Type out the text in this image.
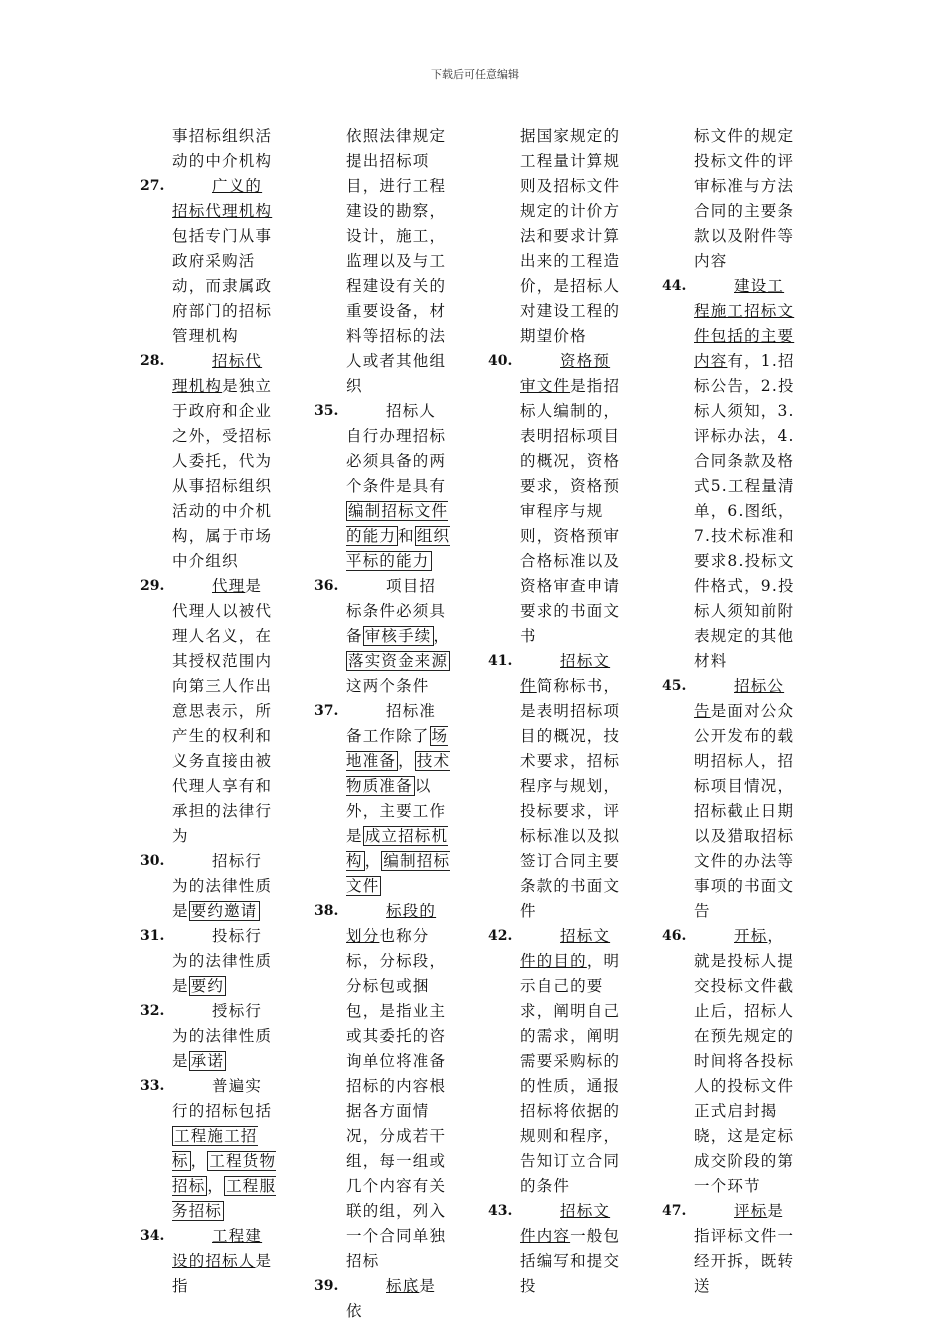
下载后可任意编辑

事招标组织活动的中介机构

27.	广义的招标代理机构包括专门从事政府采购活动，而隶属政府部门的招标管理机构

28.	招标代理机构是独立于政府和企业之外，受招标人委托，代为从事招标组织活动的中介机构，属于市场中介组织

29.	代理是代理人以被代理人名义，在其授权范围内向第三人作出意思表示，所产生的权利和义务直接由被代理人享有和承担的法律行为

30.	招标行为的法律性质是 要约邀请

31.	投标行为的法律性质是 要约

32.	授标行为的法律性质是 承诺

33.	普遍实行的招标包括工程施工招标 ， 工程货物招标 ， 工程服务招标

34.	工程建设的招标人是指

依照法律规定提出招标项目，进行工程建设的勘察，设计，施工，监理以及与工程建设有关的重要设备，材料等招标的法人或者其他组织

35.	招标人自行办理招标必须具备的两个条件是具有编制招标文件的能力 和 组织平标的能力

36.	项目招标条件必须具备 审核手续 ，落实资金来源这两个条件

37.	招标准备工作除了 场地准备 ， 技术物质准备 以外，主要工作是 成立招标机构 ， 编制招标文件

38.	标段的划分也称分标，分标段，分标包或捆包，是指业主或其委托的咨询单位将准备招标的内容根据各方面情况，分成若干组，每一组或几个内容有关联的组，列入一个合同单独招标

39.	标底是依

据国家规定的工程量计算规则及招标文件规定的计价方法和要求计算出来的工程造价，是招标人对建设工程的期望价格

40.	资格预审文件是指招标人编制的，表明招标项目的概况，资格要求，资格预审程序与规则，资格预审合格标准以及资格审查申请要求的书面文书

41.	招标文件简称标书，是表明招标项目的概况，技术要求，招标程序与规划，投标要求，评标标准以及拟签订合同主要条款的书面文件

42.	招标文件的目的，明示自己的要求，阐明自己的需求，阐明需要采购标的的性质，通报招标将依据的规则和程序，告知订立合同的条件

43.	招标文件内容一般包括编写和提交投

标文件的规定投标文件的评审标准与方法合同的主要条款以及附件等内容

44.	建设工程施工招标文件包括的主要内容有，1.招标公告，2.投标人须知，3.评标办法，4.合同条款及格式5.工程量清单，6.图纸，7.技术标准和要求8.投标文件格式，9.投标人须知前附表规定的其他材料

45.	招标公告是面对公众公开发布的载明招标人，招标项目情况，招标截止日期以及猎取招标文件的办法等事项的书面文告

46.	开标，就是投标人提交投标文件截止后，招标人在预先规定的时间将各投标人的投标文件正式启封揭晓，这是定标成交阶段的第一个环节

47.	评标是指评标文件一经开拆，既转送
